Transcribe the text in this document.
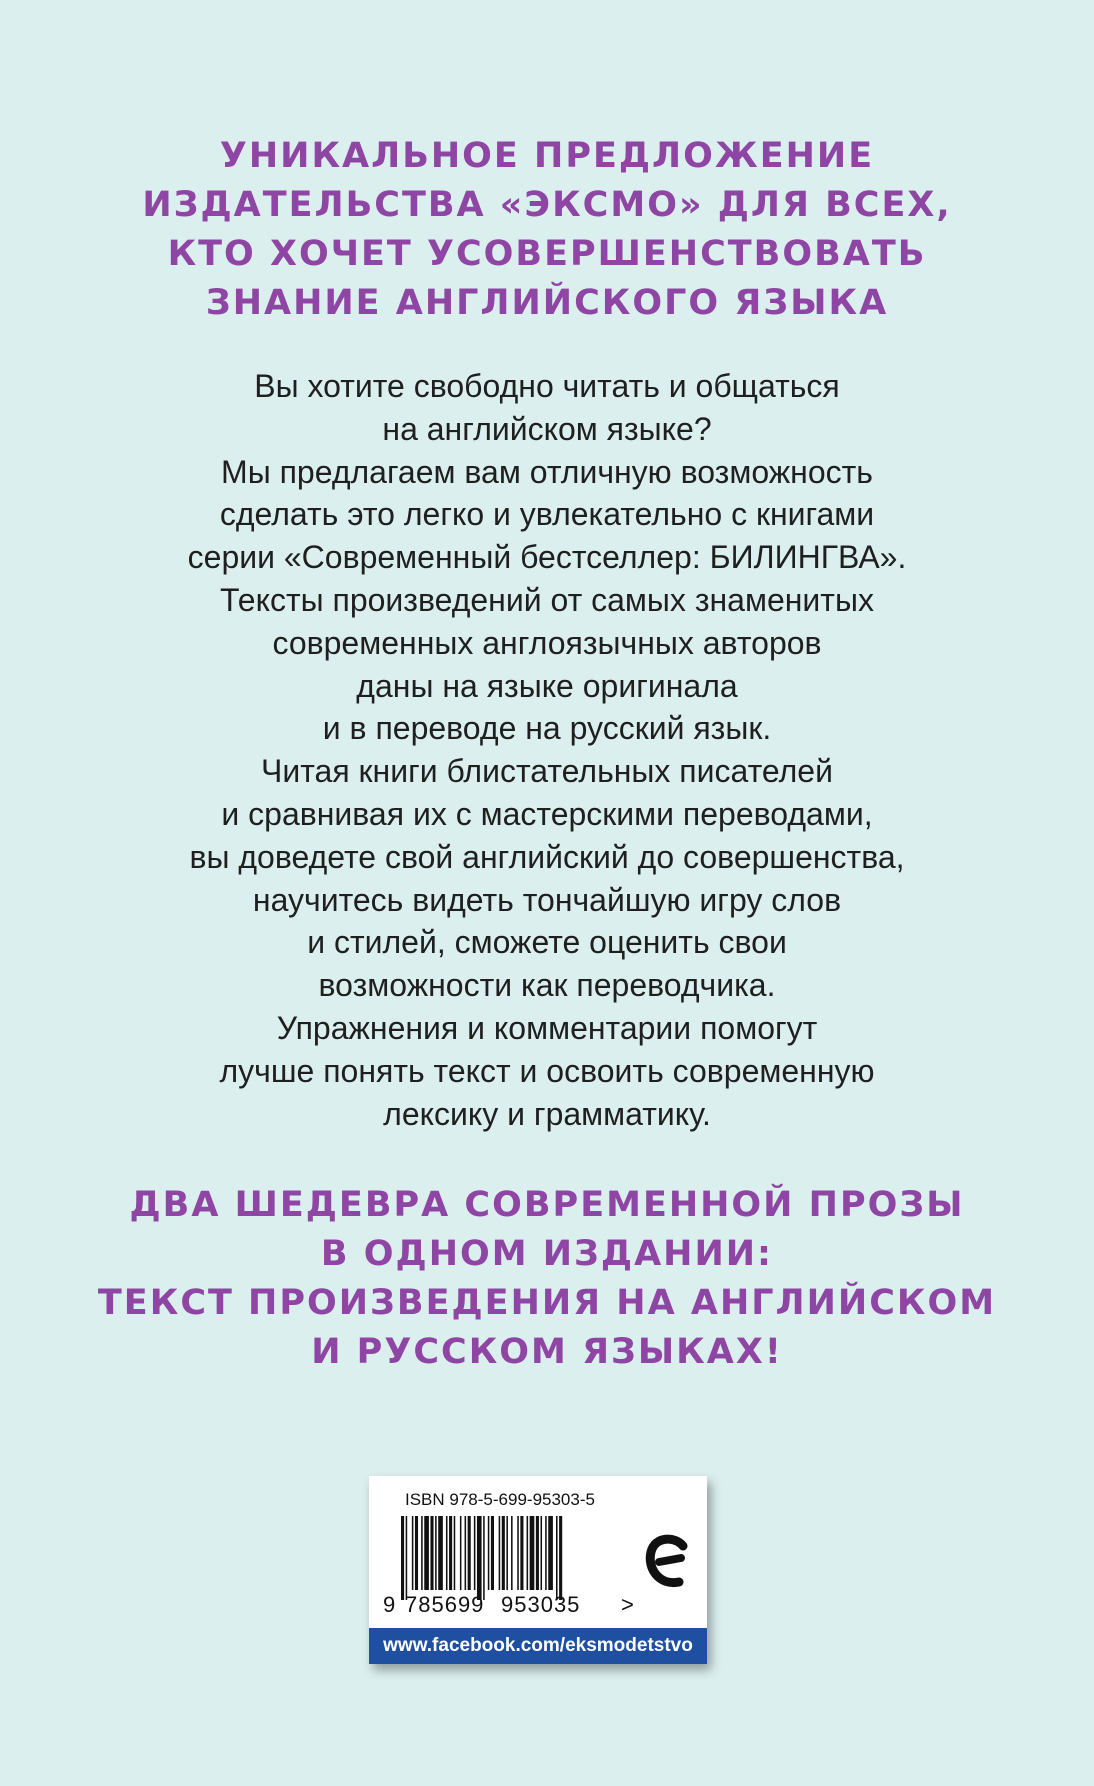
УНИКАЛЬНОЕ ПРЕДЛОЖЕНИЕ
ИЗДАТЕЛЬСТВА «ЭКСМО» ДЛЯ ВСЕХ,
КТО ХОЧЕТ УСОВЕРШЕНСТВОВАТЬ
ЗНАНИЕ АНГЛИЙСКОГО ЯЗЫКА
Вы хотите свободно читать и общаться
на английском языке?
Мы предлагаем вам отличную возможность
сделать это легко и увлекательно с книгами
серии «Современный бестселлер: БИЛИНГВА».
Тексты произведений от самых знаменитых
современных англоязычных авторов
даны на языке оригинала
и в переводе на русский язык.
Читая книги блистательных писателей
и сравнивая их с мастерскими переводами,
вы доведете свой английский до совершенства,
научитесь видеть тончайшую игру слов
и стилей, сможете оценить свои
возможности как переводчика.
Упражнения и комментарии помогут
лучше понять текст и освоить современную
лексику и грамматику.
ДВА ШЕДЕВРА СОВРЕМЕННОЙ ПРОЗЫ
В ОДНОМ ИЗДАНИИ:
ТЕКСТ ПРОИЗВЕДЕНИЯ НА АНГЛИЙСКОМ
И РУССКОМ ЯЗЫКАХ!
ISBN 978-5-699-95303-5
9 785699 953035 >
www.facebook.com/eksmodetstvo
